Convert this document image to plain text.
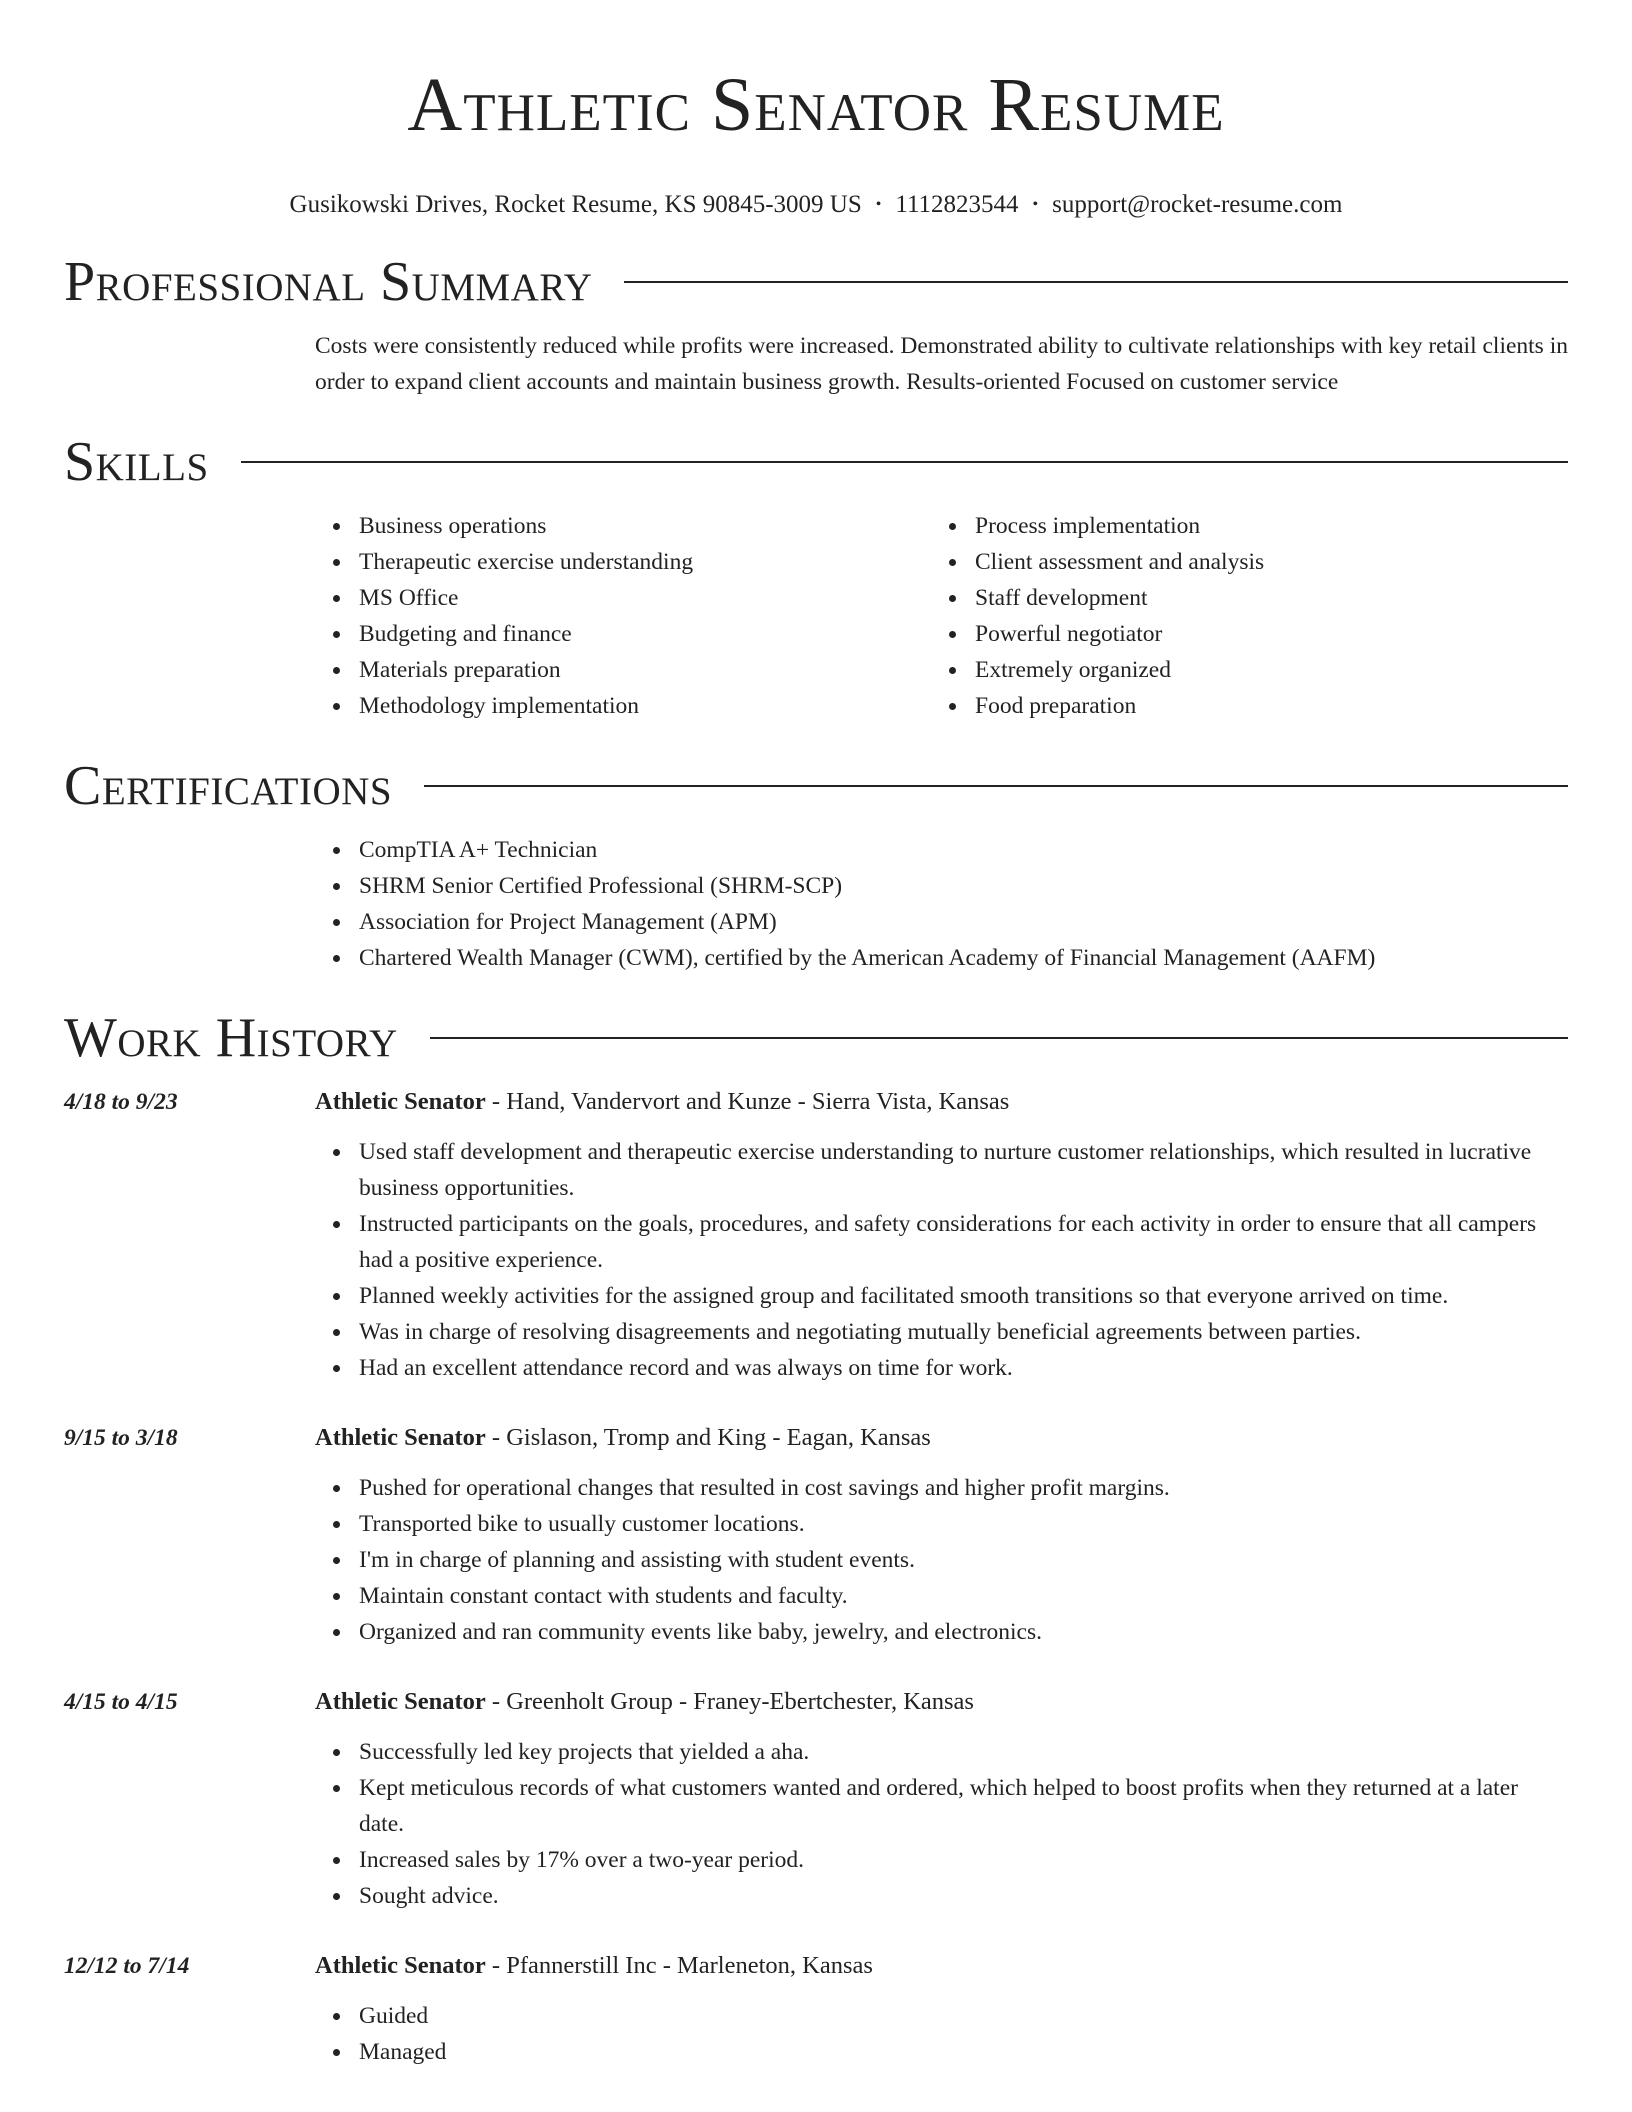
Athletic Senator Resume
Gusikowski Drives, Rocket Resume, KS 90845-3009 US • 1112823544 • support@rocket-resume.com
Professional Summary
Costs were consistently reduced while profits were increased. Demonstrated ability to cultivate relationships with key retail clients in order to expand client accounts and maintain business growth. Results-oriented Focused on customer service
Skills
Business operations
Therapeutic exercise understanding
MS Office
Budgeting and finance
Materials preparation
Methodology implementation
Process implementation
Client assessment and analysis
Staff development
Powerful negotiator
Extremely organized
Food preparation
Certifications
CompTIA A+ Technician
SHRM Senior Certified Professional (SHRM-SCP)
Association for Project Management (APM)
Chartered Wealth Manager (CWM), certified by the American Academy of Financial Management (AAFM)
Work History
4/18 to 9/23	Athletic Senator - Hand, Vandervort and Kunze - Sierra Vista, Kansas
Used staff development and therapeutic exercise understanding to nurture customer relationships, which resulted in lucrative business opportunities.
Instructed participants on the goals, procedures, and safety considerations for each activity in order to ensure that all campers had a positive experience.
Planned weekly activities for the assigned group and facilitated smooth transitions so that everyone arrived on time.
Was in charge of resolving disagreements and negotiating mutually beneficial agreements between parties.
Had an excellent attendance record and was always on time for work.
9/15 to 3/18	Athletic Senator - Gislason, Tromp and King - Eagan, Kansas
Pushed for operational changes that resulted in cost savings and higher profit margins.
Transported bike to usually customer locations.
I'm in charge of planning and assisting with student events.
Maintain constant contact with students and faculty.
Organized and ran community events like baby, jewelry, and electronics.
4/15 to 4/15	Athletic Senator - Greenholt Group - Franey-Ebertchester, Kansas
Successfully led key projects that yielded a aha.
Kept meticulous records of what customers wanted and ordered, which helped to boost profits when they returned at a later date.
Increased sales by 17% over a two-year period.
Sought advice.
12/12 to 7/14	Athletic Senator - Pfannerstill Inc - Marleneton, Kansas
Guided
Managed
